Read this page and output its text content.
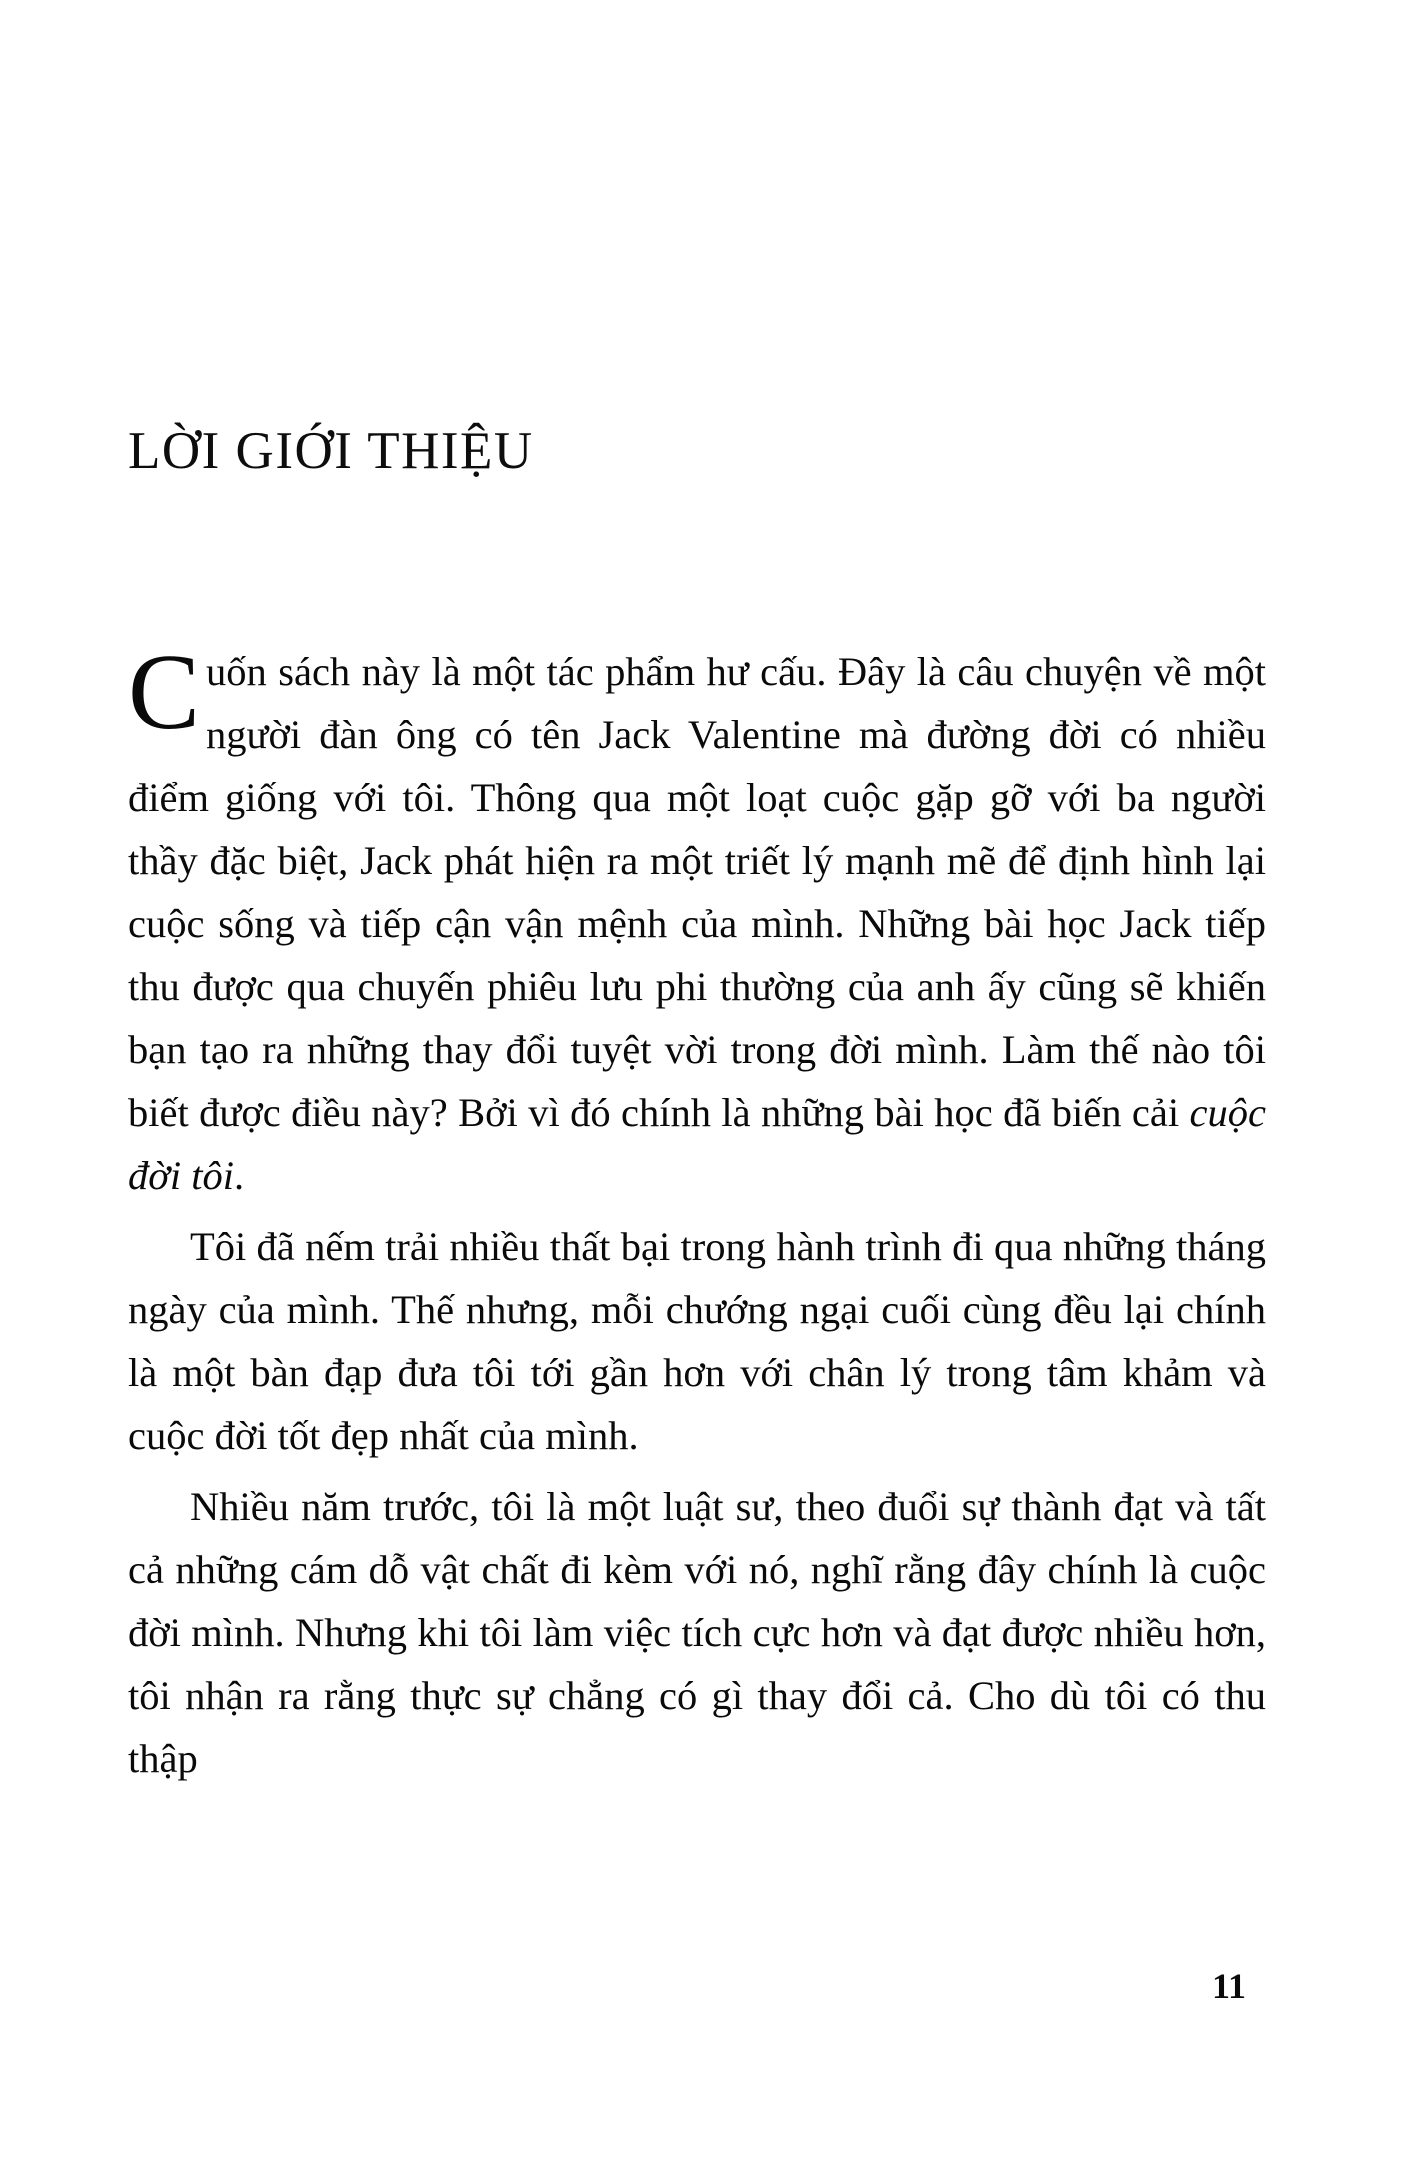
LỜI GIỚI THIỆU

Cuốn sách này là một tác phẩm hư cấu. Đây là câu chuyện về một người đàn ông có tên Jack Valentine mà đường đời có nhiều điểm giống với tôi. Thông qua một loạt cuộc gặp gỡ với ba người thầy đặc biệt, Jack phát hiện ra một triết lý mạnh mẽ để định hình lại cuộc sống và tiếp cận vận mệnh của mình. Những bài học Jack tiếp thu được qua chuyến phiêu lưu phi thường của anh ấy cũng sẽ khiến bạn tạo ra những thay đổi tuyệt vời trong đời mình. Làm thế nào tôi biết được điều này? Bởi vì đó chính là những bài học đã biến cải cuộc đời tôi.

Tôi đã nếm trải nhiều thất bại trong hành trình đi qua những tháng ngày của mình. Thế nhưng, mỗi chướng ngại cuối cùng đều lại chính là một bàn đạp đưa tôi tới gần hơn với chân lý trong tâm khảm và cuộc đời tốt đẹp nhất của mình.

Nhiều năm trước, tôi là một luật sư, theo đuổi sự thành đạt và tất cả những cám dỗ vật chất đi kèm với nó, nghĩ rằng đây chính là cuộc đời mình. Nhưng khi tôi làm việc tích cực hơn và đạt được nhiều hơn, tôi nhận ra rằng thực sự chẳng có gì thay đổi cả. Cho dù tôi có thu thập

11
